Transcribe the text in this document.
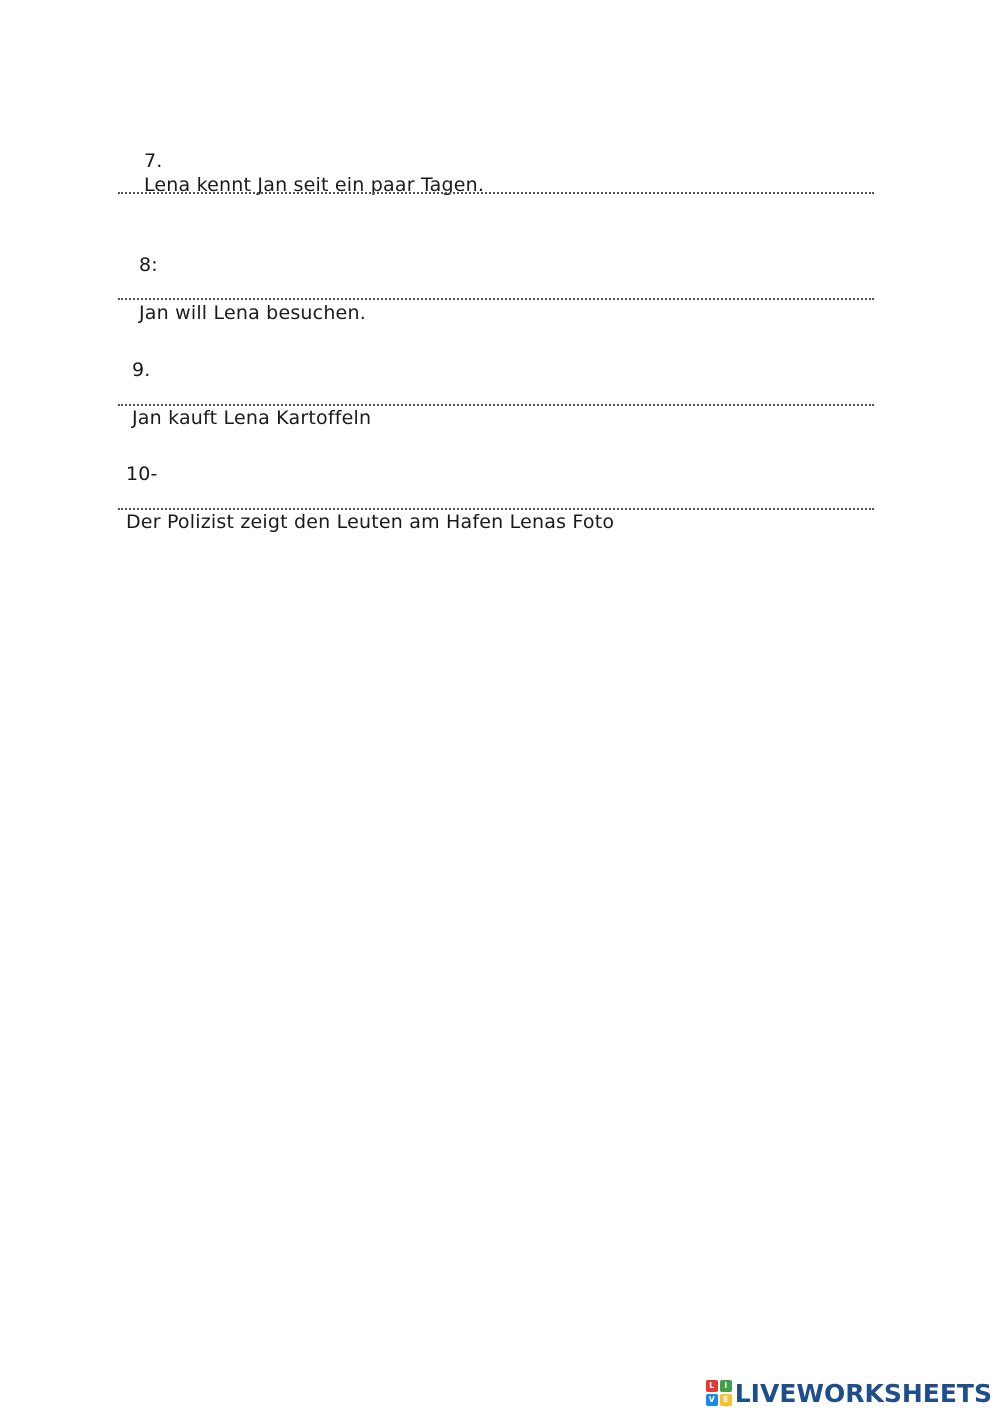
7.
Lena kennt Jan seit ein paar Tagen.

8:

Jan will Lena besuchen.

9.

Jan kauft Lena Kartoffeln

10-

Der Polizist zeigt den Leuten am Hafen Lenas Foto

L	I
V	E LIVEWORKSHEETS
